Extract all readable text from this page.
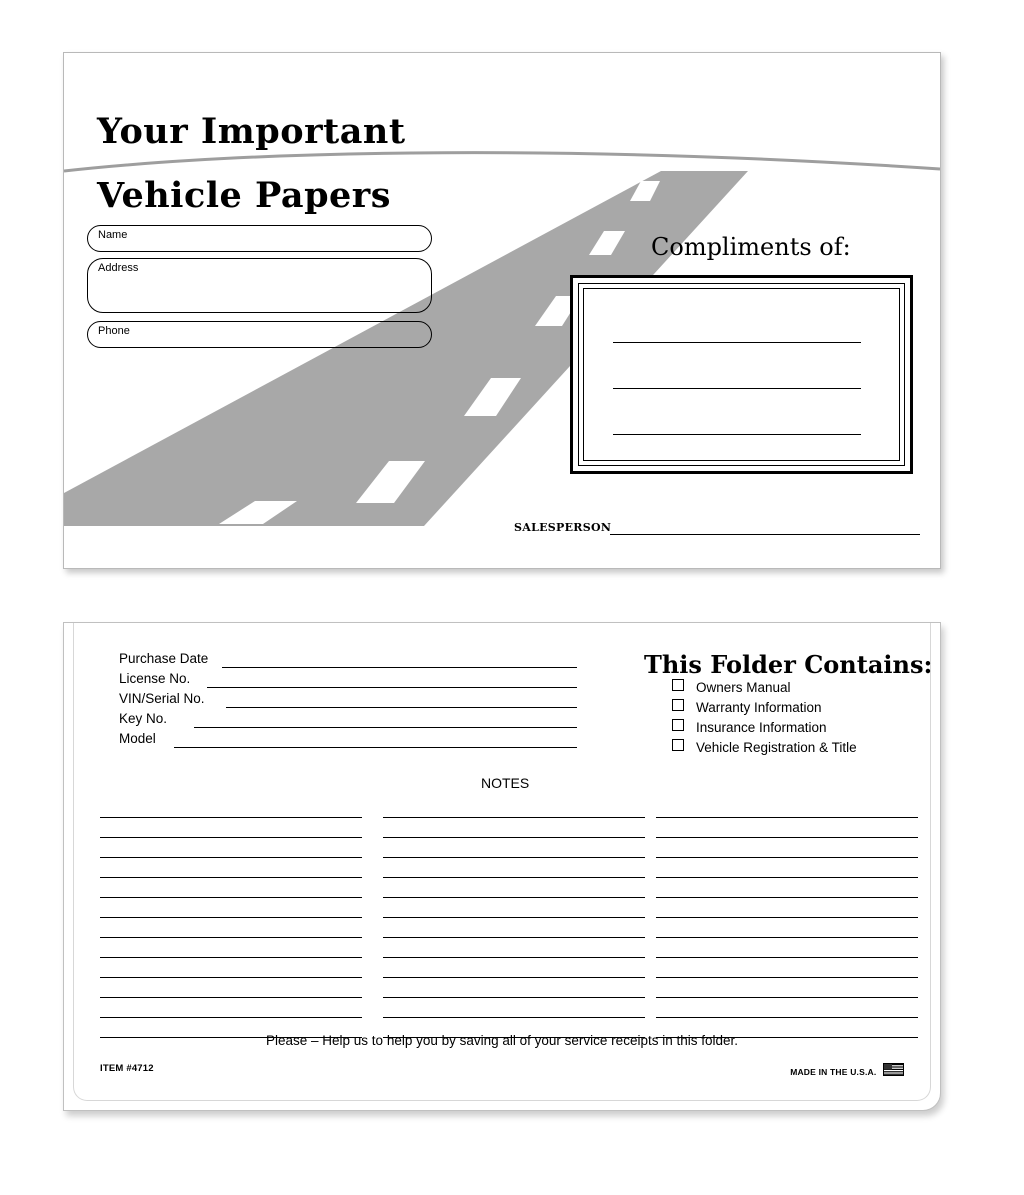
Your Important
Vehicle Papers
Name
Address
Phone
Compliments of:
SALESPERSON
Purchase Date
License No.
VIN/Serial No.
Key No.
Model
This Folder Contains:
Owners Manual
Warranty Information
Insurance Information
Vehicle Registration & Title
NOTES
Please – Help us to help you by saving all of your service receipts in this folder.
ITEM #4712	MADE IN THE U.S.A.
